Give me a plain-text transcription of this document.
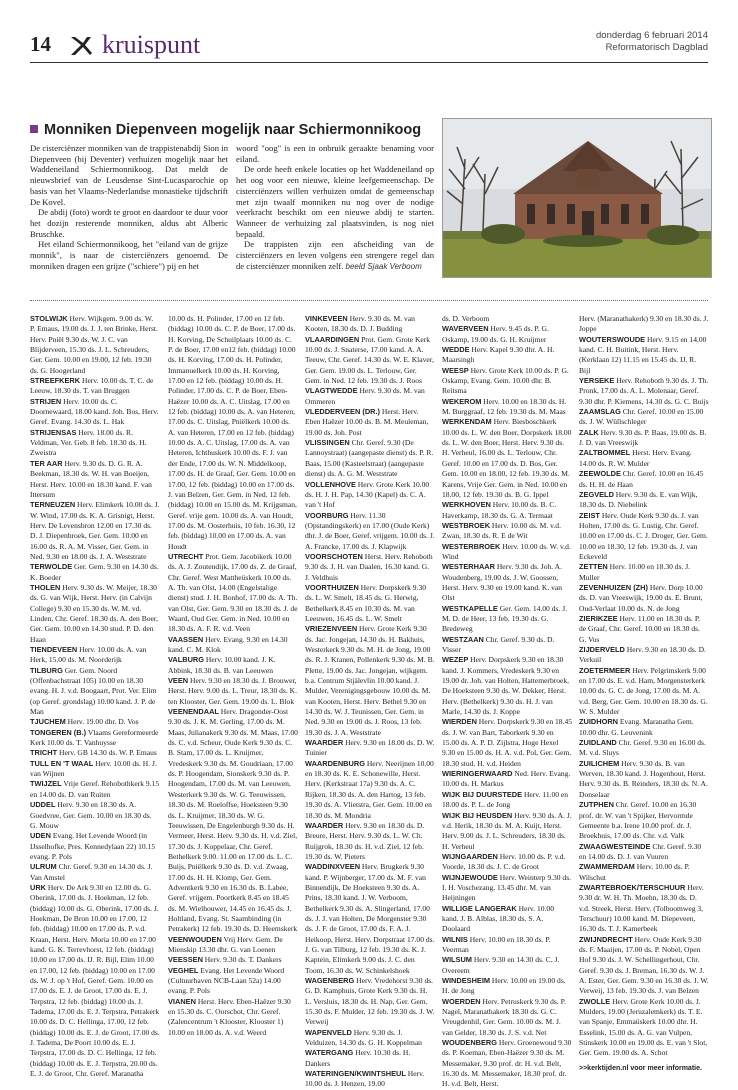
14 kruispunt	donderdag 6 februari 2014
Reformatorisch Dagblad
Monniken Diepenveen mogelijk naar Schiermonnikoog

De cisterciënzer monniken van de trappistenabdij Sion in Diepenveen (bij Deventer) verhuizen mogelijk naar het Waddeneiland Schiermonnikoog. Dat meldt de nieuwsbrief van de Leusdense Sint-Lucasparochie op basis van het Vlaams-Nederlandse monastieke tijdschrift De Kovel.

De abdij (foto) wordt te groot en daardoor te duur voor het dozijn resterende monniken, aldus abt Alberic Bruschke.

Het eiland Schiermonnikoog, het "eiland van de grijze monnik", is naar de cisterciënzers genoemd. De monniken dragen een grijze ("schiere") pij en het

woord "oog" is een in onbruik geraakte benaming voor eiland.

De orde heeft enkele locaties op het Waddeneiland op het oog voor een nieuwe, kleine leefgemeenschap. De cisterciënzers willen verhuizen omdat de gemeenschap met zijn twaalf monniken nu nog over de nodige veerkracht beschikt om een nieuwe abdij te starten. Wanneer de verhuizing zal plaatsvinden, is nog niet bepaald.

De trappisten zijn een afscheiding van de cisterciënzers en leven volgens een strengere regel dan de cisterciënzer monniken zelf. beeld Sjaak Verboom

STOLWIJK Herv. Wijkgem. 9.00 ds. W. P. Emaus, 19.00 ds. J. J. ten Brinke, Herst. Herv. Pniël 9.30 ds. W. J. C. van Blijderveen, 15.30 ds. J. L. Schreuders, Ger. Gem. 10.00 en 19.00, 12 feb. 19.30 ds. G. Hoogerland

STREEFKERK Herv. 10.00 ds. T. C. de Leeuw, 18.30 ds. T. van Bruggen

STRIJEN Herv. 10.00 ds. C. Doornewaard, 18.00 kand. Joh. Bos, Herv. Geref. Evang. 14.30 ds. L. Hak

STRIJENSAS Herv. 18.00 ds. R. Veldman, Ver. Geb. 8 feb. 18.30 ds. H. Zweistra

TER AAR Herv. 9.30 ds. D. G. R. A. Beekman, 18.30 ds. W. H. van Boeijen, Herst. Herv. 10.00 en 18.30 kand. F. van Ittersum

TERNEUZEN Herv. Elimkerk 10.00 ds. J. W. Wind, 17.00 ds. K. A. Grisnigt, Herst. Herv. De Levensbron 12.00 en 17.30 ds. D. J. Diepenbroek, Ger. Gem. 10.00 en 16.00 ds. R. A. M. Visser, Ger. Gem. in Ned. 9.30 en 18.00 ds. J. A. Weststrate

TERWOLDE Ger. Gem. 9.30 en 14.30 ds. K. Boeder

THOLEN Herv. 9.30 ds. W. Meijer, 18.30 ds. G. van Wijk, Herst. Herv. (in Calvijn College) 9.30 en 15.30 ds. W. M. vd. Linden, Chr. Geref. 18.30 ds. A. den Boer, Ger. Gem. 10.00 en 14.30 stud. P. D. den Haan

TIENDEVEEN Herv. 10.00 ds. A. van Herk, 15.00 ds. M. Noorderijk

TILBURG Ger. Gem. Noord (Offenbachstraat 105) 10.00 en 18.30 evang. H. J. v.d. Boogaart, Prot. Ver. Elim (op Geref. grondslag) 10.00 kand. J. P. de Man

TJUCHEM Herv. 19.00 dhr. D. Vos

TONGEREN (B.) Vlaams Gereformeerde Kerk 10.00 ds. T. Vanhuysse

TRICHT Herv. GB 14.30 ds. W. P. Emaus

TULL EN 'T WAAL Herv. 10.00 ds. H. J. van Wijnen

TWIJZEL Vrije Geref. Rehobothkerk 9.15 en 14.00 ds. D. van Ruiten

UDDEL Herv. 9.30 en 18.30 ds. A. Goedvree, Ger. Gem. 10.00 en 18.30 ds. G. Mouw

UDEN Evang. Het Levende Woord (in IJsselhofke, Pres. Kennedylaan 22) 10.15 evang. P. Pols

ULRUM Chr. Geref. 9.30 en 14.30 ds. J. Van Amstel

URK Herv. De Ark 9.30 en 12.00 ds. G. Oberink, 17.00 ds. J. Hoekman, 12 feb. (biddag) 10.00 ds. G. Oberink, 17.00 ds. J. Hoekman, De Bron 10.00 en 17.00, 12 feb. (biddag) 10.00 en 17.00 ds. P. v.d. Kraan, Herst. Herv. Moria 10.00 en 17.00 kand. G. K. Terrevhorst, 12 feb. (biddag) 10.00 en 17.00 ds. IJ. R. Bijl, Elim 10.00 en 17.00, 12 feb. (biddag) 10.00 en 17.00 ds. W. J. op 't Hof, Geref. Gem. 10.00 en 17.00 ds. E. J. de Groot, 17.00 ds. E. J. Terpstra, 12 feb. (biddag) 10.00 ds. J. Tadema, 17.00 ds. E. J. Terpstra, Petrakerk 10.00 ds. D. C. Hellinga, 17.00, 12 feb. (biddag) 10.00 ds. E. J. de Groot, 17.00 ds. J. Tadema, De Poort 10.00 ds. E. J. Terpstra, 17.00 ds. D. C. Hellinga, 12 feb. (biddag) 10.00 ds. E. J. Terpstra, 20.00 ds. E. J. de Groot, Chr. Geref. Maranatha

10.00 ds. H. Polinder, 17.00 en 12 feb. (biddag) 10.00 ds. C. P. de Boer, 17.00 ds. H. Korving, De Schuilplaats 10.00 ds. C. P. de Boer, 17.00 en12 feb. (biddag) 10.00 ds. H. Korving, 17.00 ds. H. Polinder, Immanuelkerk 10.00 ds. H. Korving, 17.00 en 12 feb. (biddag) 10.00 ds. H. Polinder, 17.00 ds. C. P. de Boer, Eben-Haëzer 10.00 ds. A. C. Uitslag, 17.00 en 12 feb. (biddag) 10.00 ds. A. van Heteren, 17.00 ds. C. Uitslag, Pniëlkerk 10.00 ds. A. van Heteren, 17.00 en 12 feb. (biddag) 10.00 ds. A. C. Uitslag, 17.00 ds. A. van Heteren, Ichthuskerk 10.00 ds. F. J. van der Ende, 17.00 ds. W. N. Middelkoop, 17.00 ds. H. de Graaf, Ger. Gem. 10.00 en 17.00, 12 feb. (biddag) 10.00 en 17.00 ds. J. van Belzen, Ger. Gem. in Ned. 12 feb. (biddag) 10.00 en 15.00 ds. M. Krijgsman, Geref. vrije gem. 10.00 ds. A. van Houdt, 17.00 ds. M. Oosterhuis, 10 feb. 16.30, 12 feb. (biddag) 10.00 en 17.00 ds. A. van Houdt

UTRECHT Prot. Gem. Jacobikerk 10.00 ds. A. J. Zoutendijk, 17.00 ds. Z. de Graaf, Chr. Geref. West Mattheüskerk 10.00 ds. A. Th. van Olst, 14.00 (Engelstalige dienst) stud. J. H. Bonhof, 17.00 ds. A. Th. van Olst, Ger. Gem. 9.30 en 18.30 ds. J. de Waard, Oud Ger. Gem. in Ned. 10.00 en 18.30 ds. A. F. R. v.d. Veen

VAASSEN Herv. Evang. 9.30 en 14.30 kand. C. M. Klok

VALBURG Herv. 10.00 kand. J. K. Abbink, 18.30 ds. B. van Leeuwen

VEEN Herv. 9.30 en 18.30 ds. J. Brouwer, Herst. Herv. 9.00 ds. L. Treur, 18.30 ds. K. ten Klooster, Ger. Gem. 19.00 ds. L. Blok

VEENENDAAL Herv. Dragonder-Oost 9.30 ds. J. K. M. Gerling, 17.00 ds. M. Maas, Julianakerk 9.30 ds. M. Maas, 17.00 ds. C. v.d. Scheur, Oude Kerk 9.30 ds. C. B. Stam, 17.00 ds. L. Kruijmer, Vredeskerk 9.30 ds. M. Goudriaan, 17.00 ds. P. Hoogendam, Sionskerk 9.30 ds. P. Hoogendam, 17.00 ds. M. van Leeuwen, Westerkerk 9.30 ds. W. G. Teeuwissen, 18.30 ds. M. Roeloffse, Hoeksteen 9.30 ds. L. Kruijmer, 18.30 ds. W. G. Teeuwissen, De Engelenburgh 9.30 ds. H. Vermeer, Herst. Herv. 9.30 ds. H. v.d. Ziel, 17.30 ds. J. Koppelaar, Chr. Geref. Bethelkerk 9.00. 11.00 en 17.00 ds. L. C. Buijs, Pniëlkerk 9.30 ds. D. v.d. Zwaag, 17.00 ds. H. H. Klomp, Ger. Gem. Adventkerk 9.30 en 16.30 ds. B. Labee, Geref. vrijgem. Poortkerk 8.45 en 18.45 ds. M. Wielhouwer, 14.45 en 16.45 ds. J. Holtland, Evang. St. Saambinding (in Petrakerk) 12 feb. 19.30 ds. D. Heemskerk

VEENWOUDEN Vrij Herv. Gem. De Mienskip 13.30 dhr. G. van Loenen

VEESSEN Herv. 9.30 ds. T. Dankers

VEGHEL Evang. Het Levende Woord (Cultuurhaven NCB-Laan 52a) 14.00 evang. P. Pols

VIANEN Herst. Herv. Eben-Haëzer 9.30 en 15.30 ds. C. Oorschot, Chr. Geref. (Zalencentrum 't Klooster, Klooster 1) 10.00 en 18.00 ds. A. v.d. Weerd

VINKEVEEN Herv. 9.30 ds. M. van Kooten, 18.30 ds. D. J. Budding

VLAARDINGEN Prot. Gem. Grote Kerk 10.00 ds. J. Snaterse, 17.00 kand. A. A. Teeuw, Chr. Geref. 14.30 ds. W. E. Klaver, Ger. Gem. 19.00 ds. L. Terlouw, Ger. Gem. in Ned. 12 feb. 19.30 ds. J. Roos

VLAGTWEDDE Herv. 9.30 ds. M. van Ommeren

VLEDDERVEEN (DR.) Herst. Herv. Eben Haëzer 10.00 ds. B. M. Meuleman, 19.00 ds. Joh. Post

VLISSINGEN Chr. Geref. 9.30 (De Lannoystraat) (aangepaste dienst) ds. P. R. Baas, 15.00 (Kasteelstraat) (aangepaste dienst) ds. A. G. M. Weststrate

VOLLENHOVE Herv. Grote Kerk 10.00 ds. H. J. H. Pap, 14.30 (Kapel) ds. C. A. van 't Hof

VOORBURG Herv. 11.30 (Opstandingskerk) en 17.00 (Oude Kerk) dhr. J. de Boer, Geref. vrijgem. 10.00 ds. J. A. Francke, 17.00 ds. J. Klapwijk

VOORSCHOTEN Herst. Herv. Rehoboth 9.30 ds. J. H. van Daalen, 16.30 kand. G. J. Veldhuis

VOORTHUIZEN Herv. Dorpskerk 9.30 ds. L. W. Smelt, 18.45 ds. G. Herwig, Bethelkerk 8.45 en 10.30 ds. M. van Leeuwen, 16.45 ds. L. W. Smelt

VRIEZENVEEN Herv. Grote Kerk 9.30 ds. Jac. Jongejan, 14.30 ds. H. Bakhuis, Westerkerk 9.30 ds. M. H. de Jong, 19.00 ds. R. J. Kranen, Pollenkerk 9.30 ds. M. B. Plette, 19.00 ds. Jac. Jongejan, wijkgem. b.a. Centrum Stjälevlin 10.00 kand. J. Mulder, Verenigingsgebouw 10.00 ds. M. van Kooten, Herst. Herv. Bethel 9.30 en 14.30 ds. W. J. Teunissen, Ger. Gem. in Ned. 9.30 en 19.00 ds. J. Roos, 13 feb. 19.30 ds. J. A. Weststrate

WAARDER Herv. 9.30 en 18.00 ds. D. W. Tuinier

WAARDENBURG Herv. Neerijnen 10.00 en 18.30 ds. K. E. Schonewille, Herst. Herv. (Kerkstraat 17a) 9.30 ds. A. C. Rijken, 18.30 ds. A. den Hartog, 13 feb. 19.30 ds. A. Vlietstra, Ger. Gem. 10.00 en 18.30 ds. M. Mondria

WAARDER Herv. 9.30 en 18.30 ds. D. Breure, Herst. Herv. 9.30 ds. L. W. Ch. Ruijgrok, 18.30 ds. H. v.d. Ziel, 12 feb. 19.30 ds. W. Pieters

WADDINXVEEN Herv. Brugkerk 9.30 kand. P. Wijnberger, 17.00 ds. M. F. van Binnendijk, De Hoeksteen 9.30 ds. A. Prins, 18.30 kand. J. W. Verboom, Bethelkerk 9.30 ds. A. Slingerland, 17.00 ds. J. J. van Holten, De Morgenster 9.30 ds. J. F. de Groot, 17.00 ds. F. A. J. Heikoop, Herst. Herv. Dorpstraat 17.00 ds. J. G. van Tilburg, 12 feb. 19.30 ds. K. J. Kaptein, Elimkerk 9.00 ds. J. C. den Toom, 16.30 ds. W. Schinkelshoek

WAGENBERG Herv. Vredehorst 9.30 ds. G. D. Kamphuis, Grote Kerk 9.30 ds. H. L. Versluis, 18.30 ds. H. Nap, Ger. Gem. 15.30 ds. F. Mulder, 12 feb. 19.30 ds. J. W. Verweij

WAPENVELD Herv. 9.30 ds. J. Velduizen, 14.30 ds. G. H. Koppelman

WATERGANG Herv. 10.30 ds. H. Dankers

WATERINGEN/KWINTSHEUL Herv. 10.00 ds. J. Henzen, 19.00

ds. D. Verboom

WAVERVEEN Herv. 9.45 ds. P. G. Oskamp, 19.00 ds. G. H. Kruijmer

WEDDE Herv. Kapel 9.30 dhr. A. H. Maarsingh

WEESP Herv. Grote Kerk 10.00 ds. P. G. Oskamp, Evang. Gem. 10.00 dhr. B. Reitsma

WEKEROM Herv. 10.00 en 18.30 ds. H. M. Burggraaf, 12 feb. 19.30 ds. M. Maas

WERKENDAM Herv. Biesboschkerk 10.00 ds. L. W. den Boer, Dorpskerk 18.00 ds. L. W. den Boer, Herst. Herv. 9.30 ds. H. Verheul, 16.00 ds. L. Terlouw, Chr. Geref. 10.00 en 17.00 ds. D. Bos, Ger. Gem. 10.00 en 18.00, 12 feb. 19.30 ds. M. Karens, Vrije Ger. Gem. in Ned. 10.00 en 18.00, 12 feb. 19.30 ds. B. G. Ippel

WERKHOVEN Herv. 10.00 ds. B. C. Haverkamp, 18.30 ds. G. A. Termaat

WESTBROEK Herv. 10.00 ds. M. v.d. Zwan, 18.30 ds. R. E de Wit

WESTERBROEK Herv. 10.00 ds. W. v.d. Wind

WESTERHAAR Herv. 9.30 ds. Joh. A. Woudenberg, 19.00 ds. J. W. Goossen, Herst. Herv. 9.30 en 19.00 kand. K. van Olst

WESTKAPELLE Ger. Gem. 14.00 ds. J. M. D. de Heer, 13 feb. 19.30 ds. G. Bredeweg

WESTZAAN Chr. Geref. 9.30 ds. D. Visser

WEZEP Herv. Dorpskerk 9.30 en 18.30 kand. J. Kommers, Vredeskerk 9.30 en 19.00 dr. Joh. van Holten, Hattemerbroek, De Hoeksteen 9.30 ds. W. Dekker, Herst. Herv. (Bethelkerk) 9.30 ds. H. J. van Marle, 14.30 ds. J. Koppe

WIERDEN Herv. Dorpskerk 9.30 en 18.45 ds. J. W. van Bart, Taborkerk 9.30 en 15.00 ds. A. P. D. Zijlstra, Hoge Hexel 9.30 en 15.00 ds. H. A. v.d. Pol, Ger. Gem. 18.30 stud. H. v.d. Heiden

WIERINGERWAARD Ned. Herv. Evang. 10.00 ds. H. Markus

WIJK BIJ DUURSTEDE Herv. 11.00 en 18.00 ds. P. L. de Jong

WIJK BIJ HEUSDEN Herv. 9.30 ds. A. J. v.d. Herik, 18.30 ds. M. A. Kuijt, Herst. Herv. 9.00 ds. J. L. Schreuders, 18.30 ds. H. Verheul

WIJNGAARDEN Herv. 10.00 ds. P. v.d. Voorde, 18.30 ds. J. C. de Groot

WIJNJEWOUDE Herv. Weinterp 9.30 ds. I. H. Voschezang, 13.45 dhr. M. van Heijningen

WILLIGE LANGERAK Herv. 10.00 kand. J. B. Alblas, 18.30 ds. S. A. Doolaard

WILNIS Herv. 10.00 en 18.30 ds. P. Veerman

WILSUM Herv. 9.30 en 14.30 ds. C. J. Overeem

WINDESHEIM Herv. 10.00 en 19.00 ds. H. de Jong

WOERDEN Herv. Petruskerk 9.30 ds. P. Nagel, Maranathakerk 18.30 ds. G. C. Vreugdenhil, Ger. Gem. 10.00 ds. M. J. van Gelder, 18.30 ds. J. S. v.d. Net

WOUDENBERG Herv. Groenewoud 9.30 ds. P. Koeman, Eben-Haëzer 9.30 ds. M. Messemaker, 9.30 prof. dr. H. v.d. Belt, 16.30 ds. M. Messemaker, 18.30 prof. dr. H. v.d. Belt, Herst.

Herv. (Maranathakerk) 9.30 en 18.30 ds. J. Joppe

WOUTERSWOUDE Herv. 9.15 en 14.00 kand. C. H. Buitink, Herst. Herv. (Kerklaan 12) 11.15 en 15.45 ds. IJ. R. Bijl

YERSEKE Herv. Rehoboth 9.30 ds. J. Th. Pronk, 17.00 ds. A. L. Molenaar, Geref. 9.30 dhr. P. Kiemens, 14.30 ds. G. C. Buijs

ZAAMSLAG Chr. Geref. 10.00 en 15.00 ds. J. W. Wüllschleger

ZALK Herv. 9.30 ds. P. Baas, 19.00 ds. B. J. D. van Vreeswijk

ZALTBOMMEL Herst. Herv. Evang. 14.00 ds. R. W. Mulder

ZEEWOLDE Chr. Geref. 10.00 en 16.45 ds. H. H. de Haan

ZEGVELD Herv. 9.30 ds. E. van Wijk, 18.30 ds. D. Niebelink

ZEIST Herv. Oude Kerk 9.30 ds. J. van Holten, 17.00 ds. G. Lustig, Chr. Geref. 10.00 en 17.00 ds. C. J. Droger, Ger. Gem. 10.00 en 18.30, 12 feb. 19.30 ds. J. van Eckeveld

ZETTEN Herv. 10.00 en 18.30 ds. J. Muller

ZEVENHUIZEN (ZH) Herv. Dorp 10.00 ds. D. van Vreeswijk, 19.00 ds. E. Brunt, Oud-Verlaat 10.00 ds. N. de Jong

ZIERIKZEE Herv. 11.00 en 18.30 ds. P. de Graaf, Chr. Geref. 10.00 en 18.30 ds. G. Vos

ZIJDERVELD Herv. 9.30 en 18.30 ds. D. Verkuil

ZOETERMEER Herv. Pelgrimskerk 9.00 en 17.00 ds. E. v.d. Ham, Morgensterkerk 10.00 ds. G. C. de Jong, 17.00 ds. M. A. v.d. Berg, Ger. Gem. 10.00 en 18.30 ds. G. W. S. Mulder

ZUIDHORN Evang. Maranatha Gem. 10.00 dhr. G. Leuvenink

ZUIDLAND Chr. Geref. 9.30 en 16.00 ds. M. v.d. Sluys

ZUILICHEM Herv. 9.30 ds. B. van Werven, 18.30 kand. J. Hogenhout, Herst. Herv. 9.30 ds. B. Reinders, 18.30 ds. N. A. Donselaar

ZUTPHEN Chr. Geref. 10.00 en 16.30 prof. dr. W. van 't Spijker, Hervormde Gemeente b.a. Irene 10.00 prof. dr. J. Broekhuis, 17.00 ds. Chr. v.d. Valk

ZWAAGWESTEINDE Chr. Geref. 9.30 en 14.00 ds. D. J. van Vuuren

ZWAMMERDAM Herv. 10.00 ds. P. Wilschut

ZWARTEBROEK/TERSCHUUR Herv. 9.30 dr. W. H. Th. Moehn, 18.30 ds. D. v.d. Streek, Herst. Herv. (Tolboomweg 3, Terschuur) 10.00 kand. M. Diepeveen, 16.30 ds. T. J. Kamerbeek

ZWIJNDRECHT Herv. Oude Kerk 9.30 ds. F. Maaijen, 17.00 ds. P. Nobel, Open Hof 9.30 ds. J. W. Schellingerhout, Chr. Geref. 9.30 ds. J. Breman, 16.30 ds. W. J. A. Ester, Ger. Gem. 9.30 en 16.30 ds. J. W. Verweij, 13 feb. 19.30 ds. J. van Belzen

ZWOLLE Herv. Grote Kerk 10.00 ds. J. Mulders, 19.00 (Jeruzalemkerk) ds. T. E. van Spanje, Emmaüskerk 10.00 dhr. H. Esselink, 15.00 ds. A. G. van Vulpen, Stinskerk 10.00 en 19.00 ds. E. van 't Slot, Ger. Gem. 19.00 ds. A. Schot

>>kerktijden.nl voor meer informatie.
